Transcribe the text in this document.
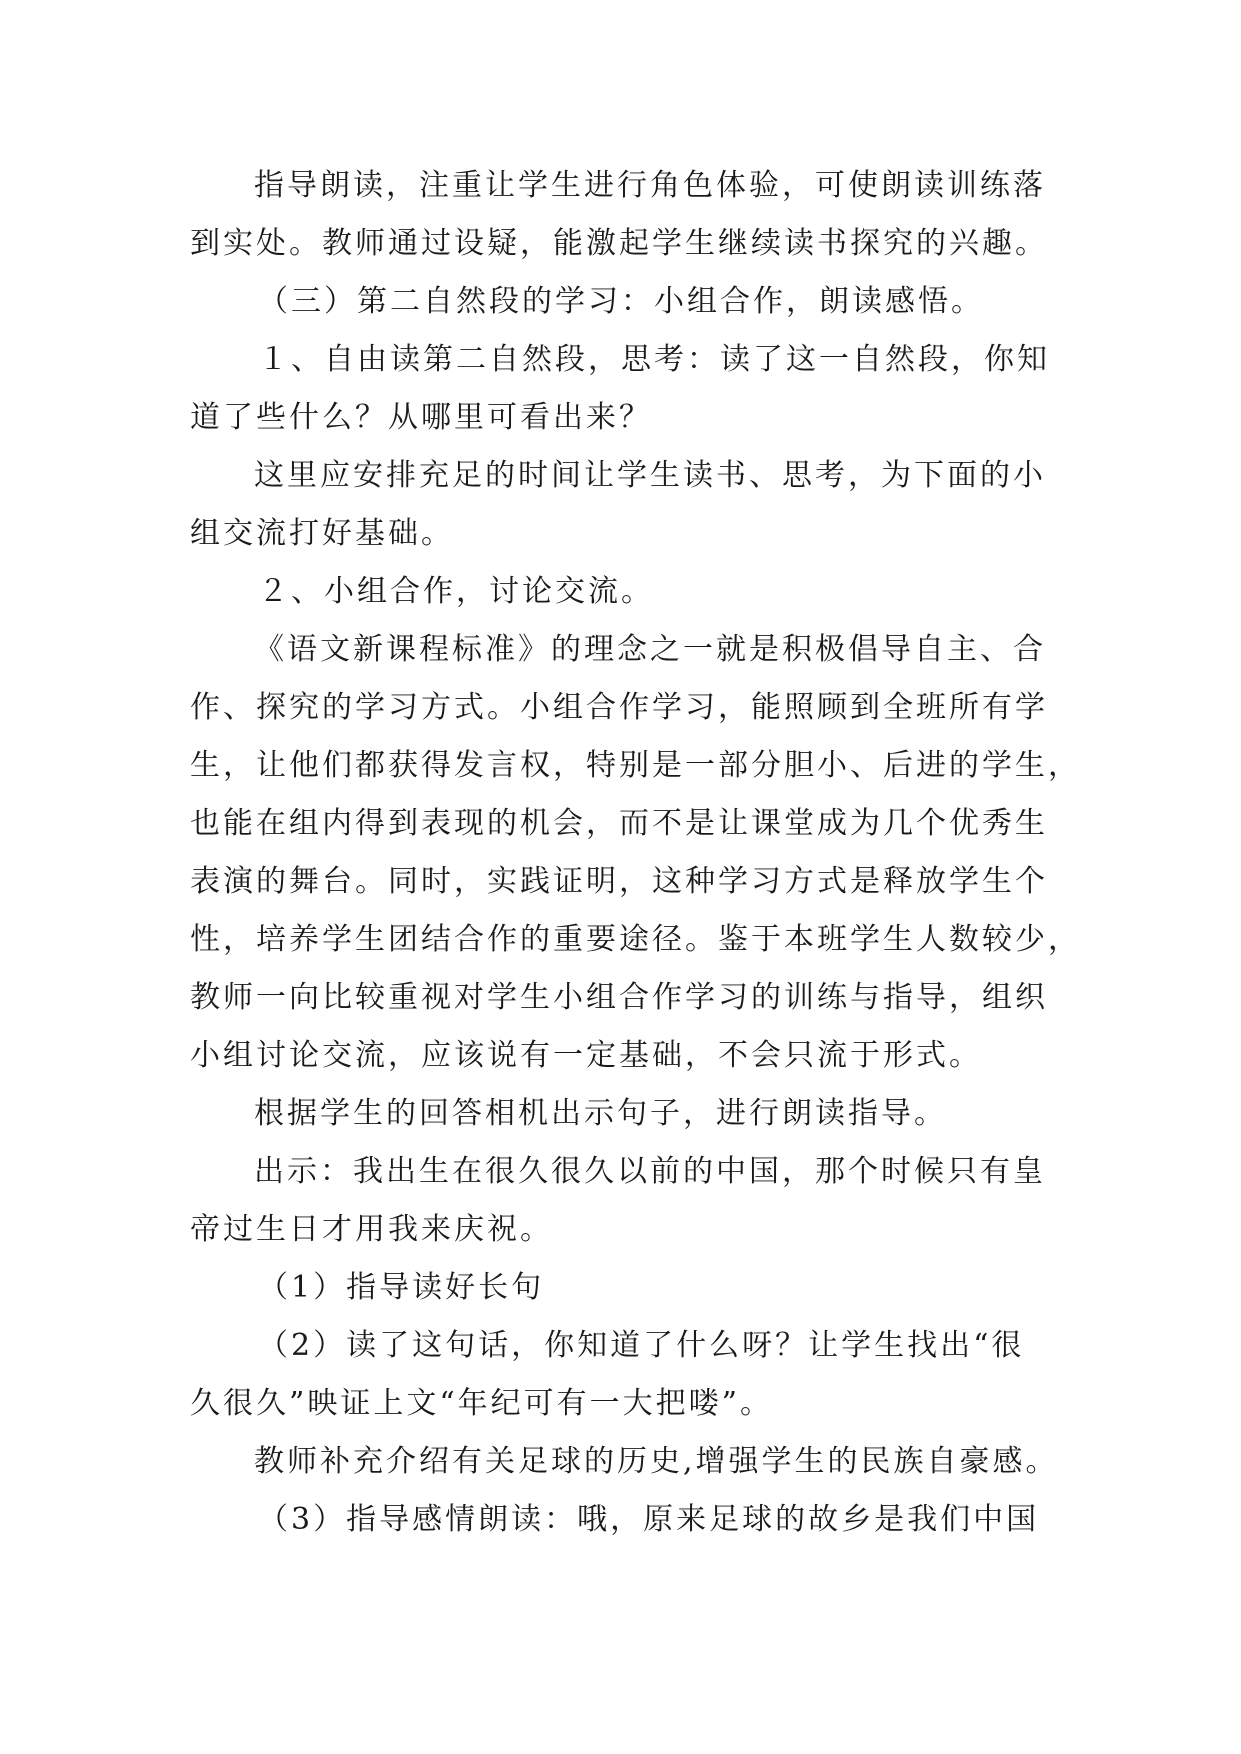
指导朗读，注重让学生进行角色体验，可使朗读训练落
到实处。教师通过设疑，能激起学生继续读书探究的兴趣。
（三）第二自然段的学习：小组合作，朗读感悟。
１、自由读第二自然段，思考：读了这一自然段，你知
道了些什么？从哪里可看出来？
这里应安排充足的时间让学生读书、思考，为下面的小
组交流打好基础。
２、小组合作，讨论交流。
《语文新课程标准》的理念之一就是积极倡导自主、合
作、探究的学习方式。小组合作学习，能照顾到全班所有学
生，让他们都获得发言权，特别是一部分胆小、后进的学生，
也能在组内得到表现的机会，而不是让课堂成为几个优秀生
表演的舞台。同时，实践证明，这种学习方式是释放学生个
性，培养学生团结合作的重要途径。鉴于本班学生人数较少，
教师一向比较重视对学生小组合作学习的训练与指导，组织
小组讨论交流，应该说有一定基础，不会只流于形式。
根据学生的回答相机出示句子，进行朗读指导。
出示：我出生在很久很久以前的中国，那个时候只有皇
帝过生日才用我来庆祝。
（1）指导读好长句
（2）读了这句话，你知道了什么呀？让学生找出“很
久很久”映证上文“年纪可有一大把喽”。
教师补充介绍有关足球的历史,增强学生的民族自豪感。
（3）指导感情朗读：哦，原来足球的故乡是我们中国
